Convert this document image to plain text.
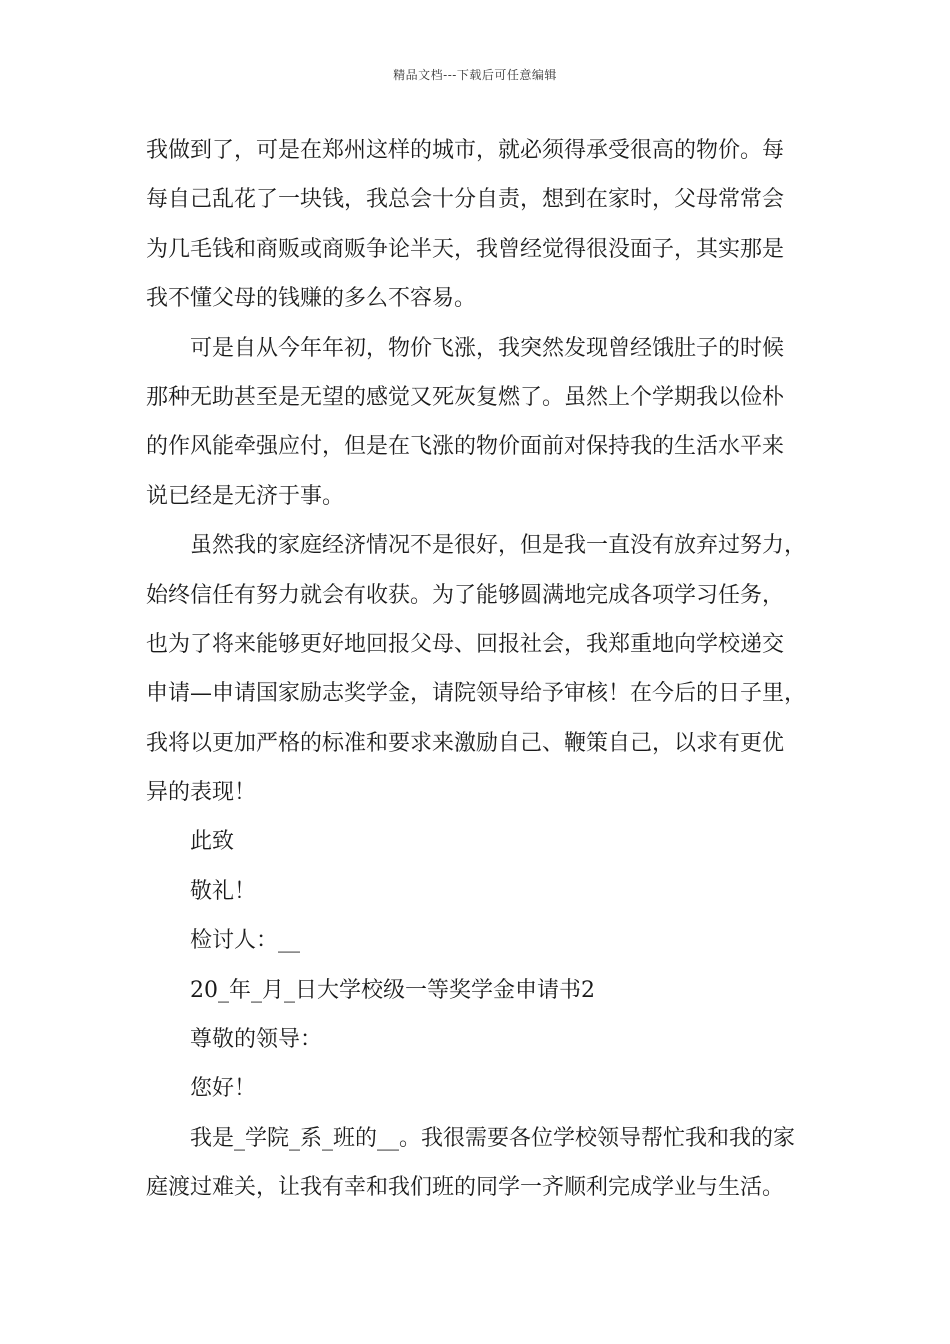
精品文档---下载后可任意编辑
我做到了，可是在郑州这样的城市，就必须得承受很高的物价。每
每自己乱花了一块钱，我总会十分自责，想到在家时，父母常常会
为几毛钱和商贩或商贩争论半天，我曾经觉得很没面子，其实那是
我不懂父母的钱赚的多么不容易。
可是自从今年年初，物价飞涨，我突然发现曾经饿肚子的时候
那种无助甚至是无望的感觉又死灰复燃了。虽然上个学期我以俭朴
的作风能牵强应付，但是在飞涨的物价面前对保持我的生活水平来
说已经是无济于事。
虽然我的家庭经济情况不是很好，但是我一直没有放弃过努力，
始终信任有努力就会有收获。为了能够圆满地完成各项学习任务，
也为了将来能够更好地回报父母、回报社会，我郑重地向学校递交
申请—申请国家励志奖学金，请院领导给予审核！在今后的日子里，
我将以更加严格的标准和要求来激励自己、鞭策自己，以求有更优
异的表现！
此致
敬礼！
检讨人：__
20_年_月_日大学校级一等奖学金申请书2
尊敬的领导：
您好！
我是_学院_系_班的__。我很需要各位学校领导帮忙我和我的家
庭渡过难关，让我有幸和我们班的同学一齐顺利完成学业与生活。
